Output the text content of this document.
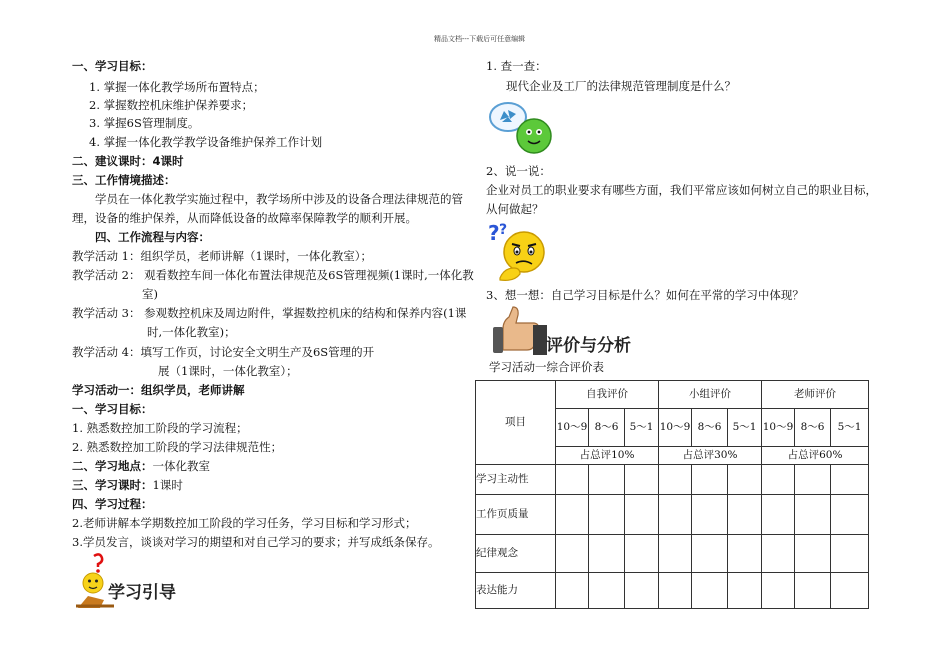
精品文档---下载后可任意编辑
一、学习目标：
1. 掌握一体化教学场所布置特点；
2. 掌握数控机床维护保养要求；
3. 掌握6S管理制度。
4. 掌握一体化教学教学设备维护保养工作计划
二、建议课时：4课时
三、工作情境描述：
学员在一体化教学实施过程中，教学场所中涉及的设备合理法律规范的管
理，设备的维护保养，从而降低设备的故障率保障教学的顺利开展。
四、工作流程与内容：
教学活动 1：组织学员，老师讲解（1课时，一体化教室）；
教学活动 2： 观看数控车间一体化布置法律规范及6S管理视频(1课时,一体化教
室)
教学活动 3： 参观数控机床及周边附件，掌握数控机床的结构和保养内容(1课
时,一体化教室)；
教学活动 4：填写工作页，讨论安全文明生产及6S管理的开
展（1课时，一体化教室）；
学习活动一：组织学员，老师讲解
一、学习目标：
1. 熟悉数控加工阶段的学习流程；
2. 熟悉数控加工阶段的学习法律规范性；
二、学习地点：一体化教室
三、学习课时：1课时
四、学习过程：
2.老师讲解本学期数控加工阶段的学习任务，学习目标和学习形式；
3.学员发言，谈谈对学习的期望和对自己学习的要求；并写成纸条保存。
学习引导
1. 查一查：
现代企业及工厂的法律规范管理制度是什么？
2、说一说：
企业对员工的职业要求有哪些方面，我们平常应该如何树立自己的职业目标，
从何做起？
? ?
3、想一想：自己学习目标是什么？如何在平常的学习中体现？
评价与分析
学习活动一综合评价表
项目	自我评价			小组评价			老师评价		
	10～9	8～6	5～1	10～9	8～6	5～1	10～9	8～6	5～1
	占总评10%			占总评30%			占总评60%		
学习主动性									
工作页质量									
纪律观念									
表达能力									
